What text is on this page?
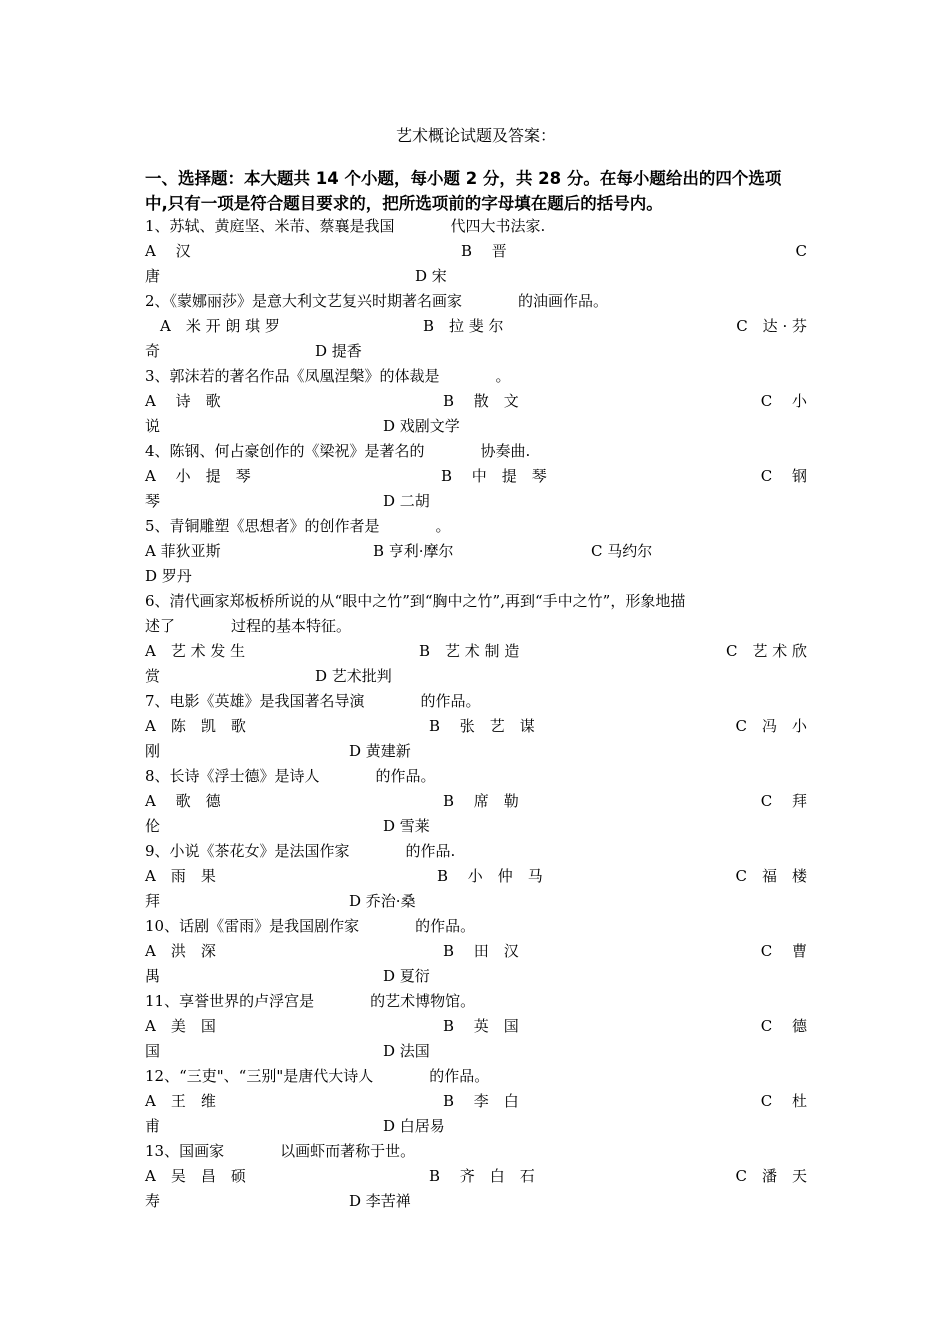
艺术概论试题及答案：
一、选择题：本大题共 14 个小题，每小题 2 分，共 28 分。在每小题给出的四个选项
中,只有一项是符合题目要求的，把所选项前的字母填在题后的括号内。
1、苏轼、黄庭坚、米芾、蔡襄是我国	代四大书法家.
A　 汉	B　 晋	C
唐	D 宋
2、《蒙娜丽莎》是意大利文艺复兴时期著名画家	的油画作品。
A　米 开 朗 琪 罗	B　拉 斐 尔	C　达 · 芬
奇	D 提香
3、郭沫若的著名作品《凤凰涅槃》的体裁是	。
A　 诗　歌	B　 散　文	C　 小
说	D 戏剧文学
4、陈钢、何占豪创作的《梁祝》是著名的	协奏曲.
A　 小　提　琴	B　 中　提　琴	C　 钢
琴	D 二胡
5、青铜雕塑《思想者》的创作者是	。
A 菲狄亚斯	B 亨利·摩尔	C 马约尔
D 罗丹
6、清代画家郑板桥所说的从“眼中之竹”到“胸中之竹”,再到“手中之竹”，形象地描
述了	过程的基本特征。
A　艺 术 发 生	B　艺 术 制 造	C　艺 术 欣
赏	D 艺术批判
7、电影《英雄》是我国著名导演	的作品。
A　陈　凯　歌	B　 张　艺　谋	C　冯　小
刚	D 黄建新
8、长诗《浮士德》是诗人	的作品。
A　 歌　德	B　 席　勒	C　 拜
伦	D 雪莱
9、小说《茶花女》是法国作家	的作品.
A　雨　果	B　 小　仲　马	C　福　楼
拜	D 乔治·桑
10、话剧《雷雨》是我国剧作家	的作品。
A　洪　深	B　 田　汉	C　 曹
禺	D 夏衍
11、享誉世界的卢浮宫是	的艺术博物馆。
A　美　国	B　 英　国	C　 德
国	D 法国
12、“三吏"、“三别"是唐代大诗人	的作品。
A　王　维	B　 李　白	C　 杜
甫	D 白居易
13、国画家	以画虾而著称于世。
A　吴　昌　硕	B　 齐　白　石	C　潘　天
寿	D 李苦禅
